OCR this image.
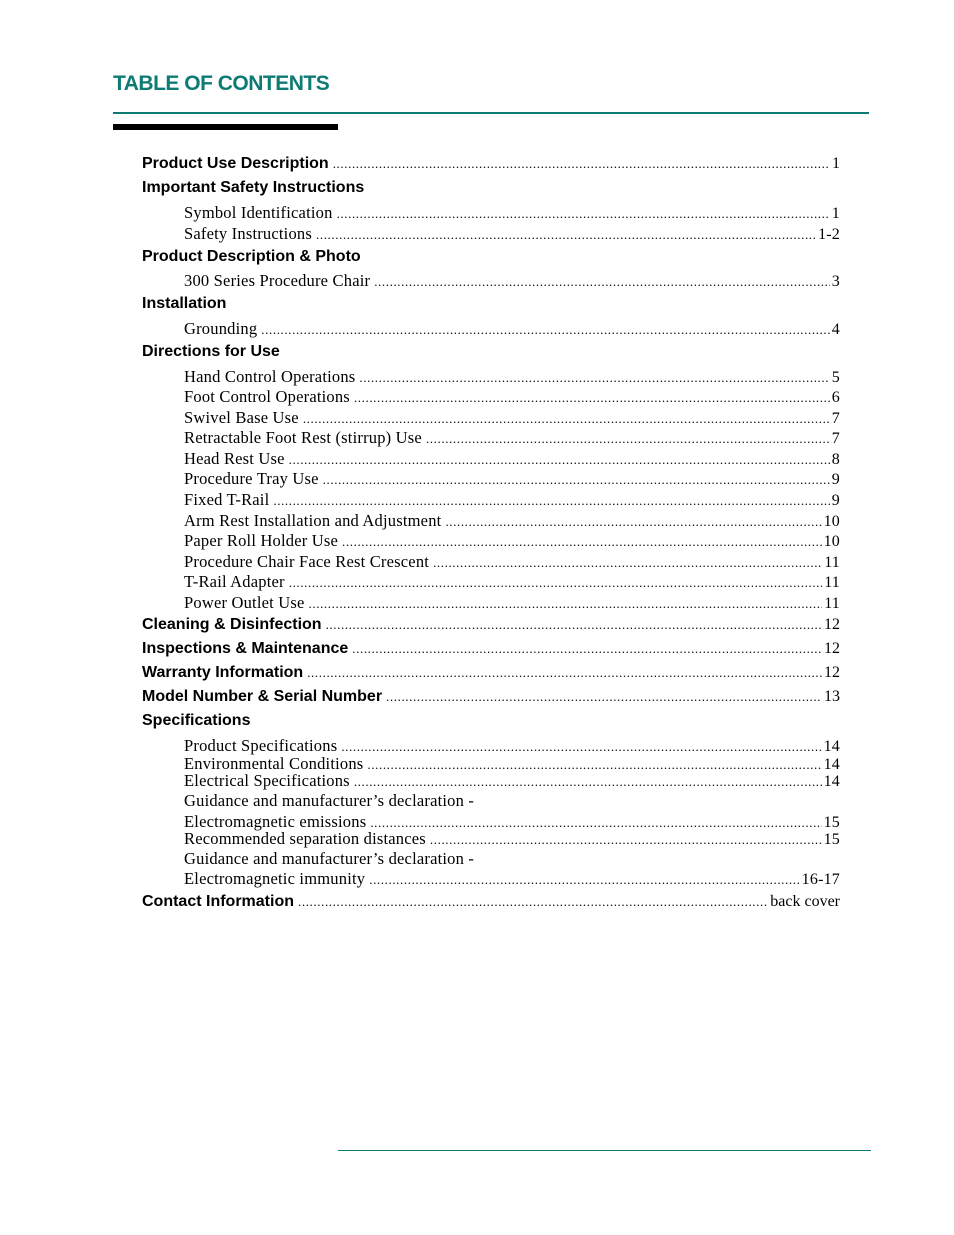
TABLE OF CONTENTS
Product Use Description .....	1
Important Safety Instructions
Symbol Identification .....	1
Safety Instructions .....	1-2
Product Description & Photo
300 Series Procedure Chair .....	3
Installation
Grounding .....	4
Directions for Use
Hand Control Operations .....	5
Foot Control Operations .....	6
Swivel Base Use .....	7
Retractable Foot Rest (stirrup) Use .....	7
Head Rest Use .....	8
Procedure Tray Use .....	9
Fixed T-Rail .....	9
Arm Rest Installation and Adjustment .....	10
Paper Roll Holder Use .....	10
Procedure Chair Face Rest Crescent .....	11
T-Rail Adapter .....	11
Power Outlet Use .....	11
Cleaning & Disinfection .....	12
Inspections & Maintenance .....	12
Warranty Information .....	12
Model Number & Serial Number .....	13
Specifications
Product Specifications .....	14
Environmental Conditions .....	14
Electrical Specifications .....	14
Guidance and manufacturer’s declaration -
Electromagnetic emissions .....	15
Recommended separation distances .....	15
Guidance and manufacturer’s declaration -
Electromagnetic immunity .....	16-17
Contact Information .....	back cover
